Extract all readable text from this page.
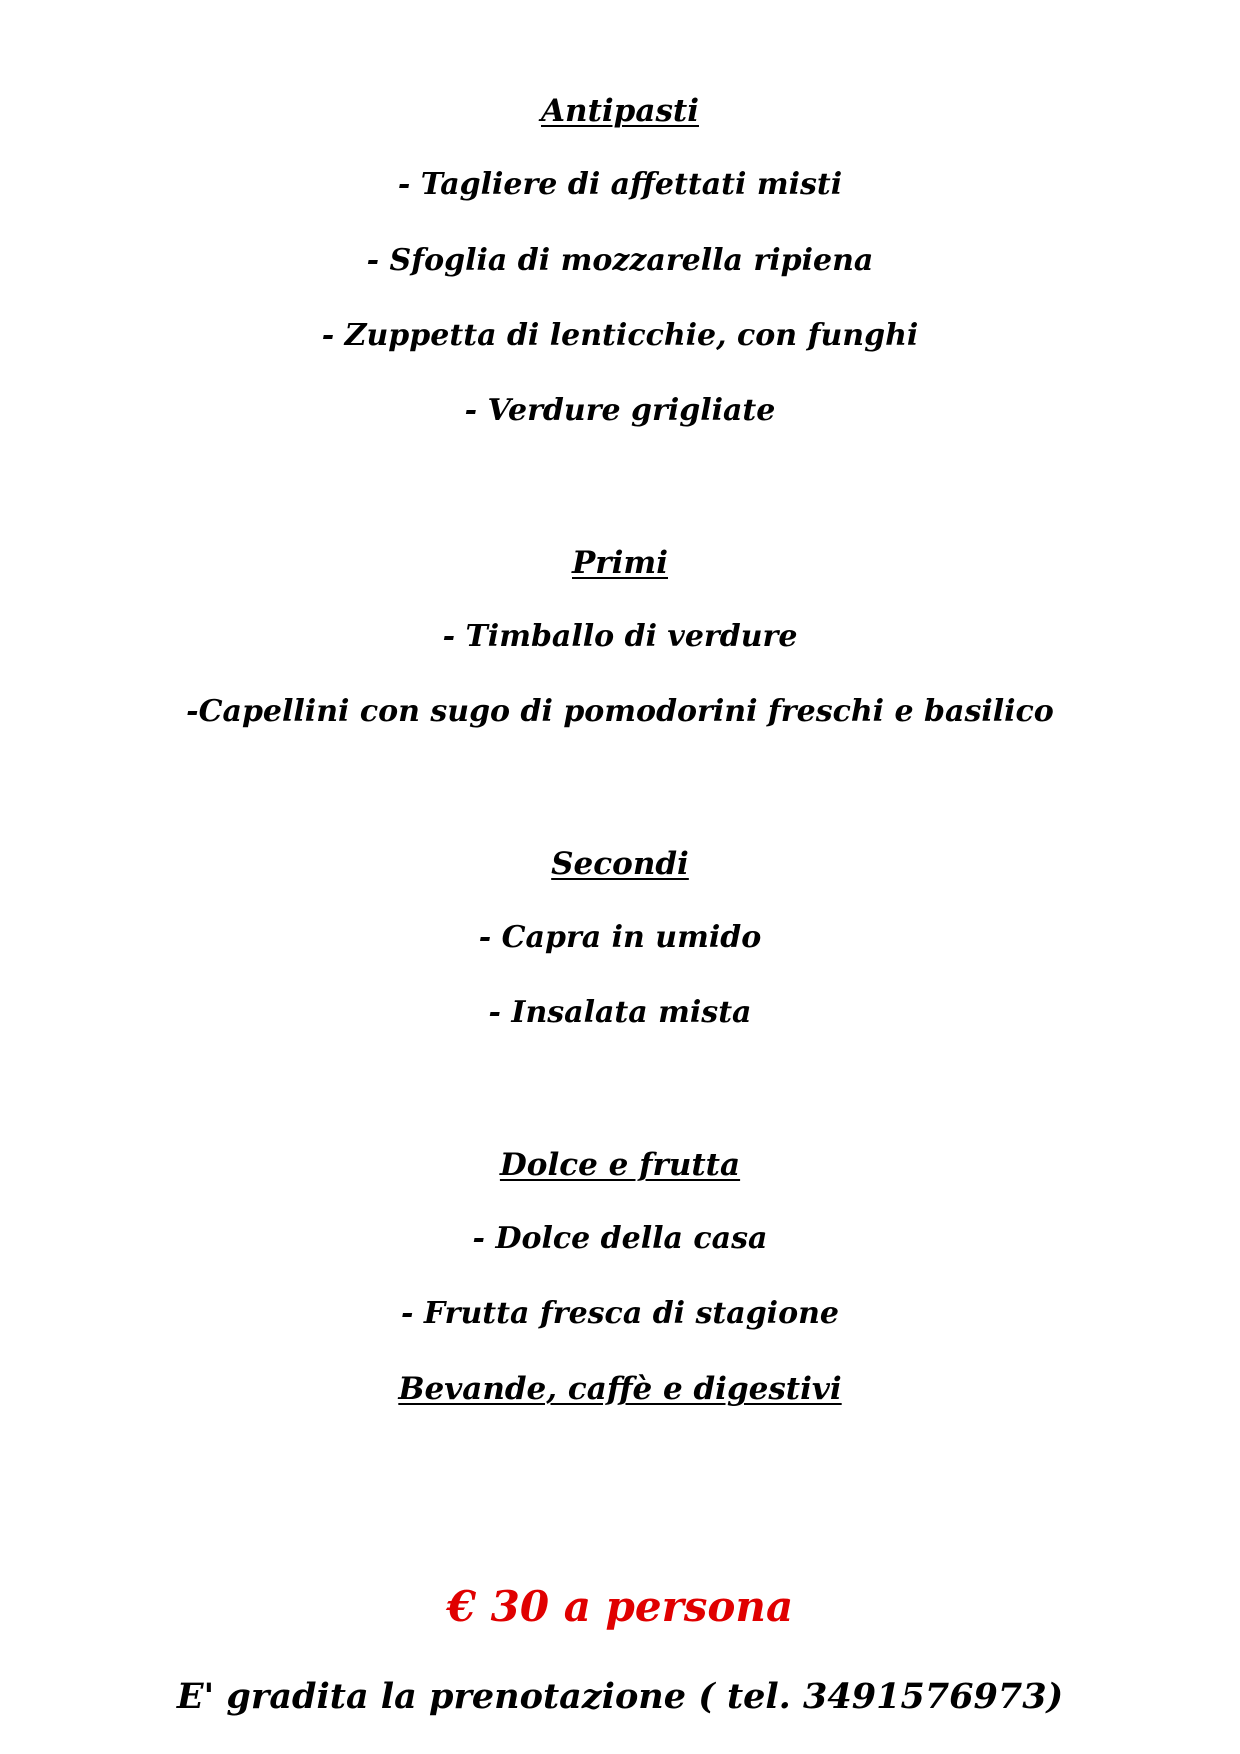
Antipasti
- Tagliere di affettati misti
- Sfoglia di mozzarella ripiena
- Zuppetta di lenticchie, con funghi
- Verdure grigliate
Primi
- Timballo di verdure
-Capellini con sugo di pomodorini freschi e basilico
Secondi
- Capra in umido
- Insalata mista
Dolce e frutta
- Dolce della casa
- Frutta fresca di stagione
Bevande, caffè e digestivi
€ 30 a persona
E' gradita la prenotazione ( tel. 3491576973)
